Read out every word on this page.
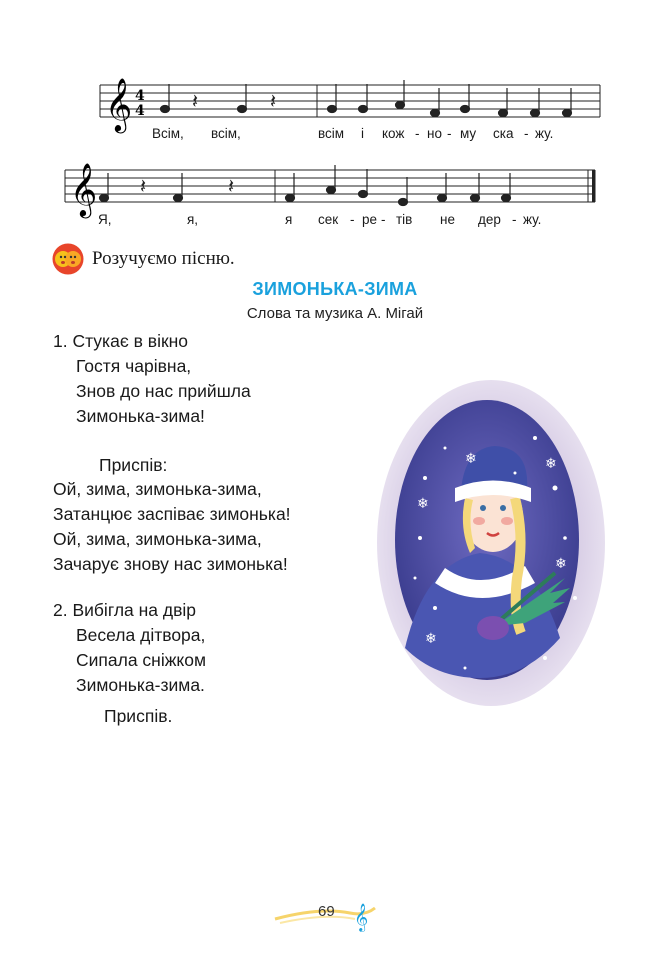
𝄞 4
4 𝄽	𝄽
Всім, всім,	всім і кож - но - му ска - жу.
𝄞 𝄽	𝄽
Я,	я,	я сек - ре - тів не дер - жу.
Розучуємо пісню.
ЗИМОНЬКА-ЗИМА
Слова та музика А. Мігай
1. Стукає в вікно
Гостя чарівна,
Знов до нас прийшла
Зимонька-зима!
Приспів:
Ой, зима, зимонька-зима,
Затанцює заспіває зимонька!
Ой, зима, зимонька-зима,
Зачарує знову нас зимонька!
2. Вибігла на двір
Весела дітвора,
Сипала сніжком
Зимонька-зима.
Приспів.
❄
❄
❄
❄
❄
𝄞
69
